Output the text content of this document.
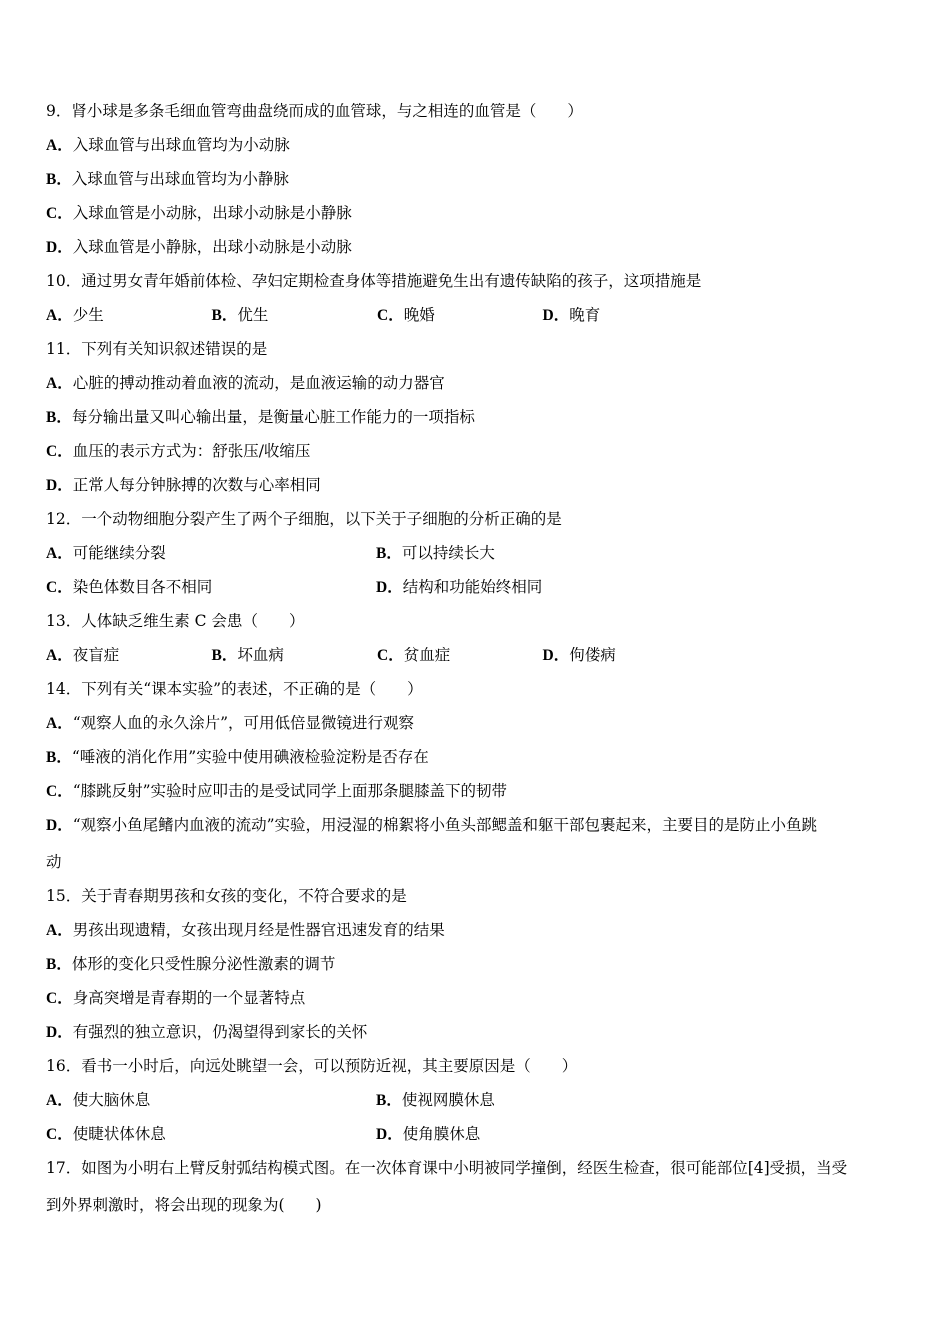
9．肾小球是多条毛细血管弯曲盘绕而成的血管球，与之相连的血管是（　　）
A．入球血管与出球血管均为小动脉
B．入球血管与出球血管均为小静脉
C．入球血管是小动脉，出球小动脉是小静脉
D．入球血管是小静脉，出球小动脉是小动脉
10．通过男女青年婚前体检、孕妇定期检查身体等措施避免生出有遗传缺陷的孩子，这项措施是
A．少生	B．优生	C．晚婚	D．晚育
11．下列有关知识叙述错误的是
A．心脏的搏动推动着血液的流动，是血液运输的动力器官
B．每分输出量又叫心输出量，是衡量心脏工作能力的一项指标
C．血压的表示方式为：舒张压/收缩压
D．正常人每分钟脉搏的次数与心率相同
12．一个动物细胞分裂产生了两个子细胞，以下关于子细胞的分析正确的是
A．可能继续分裂	B．可以持续长大
C．染色体数目各不相同	D．结构和功能始终相同
13．人体缺乏维生素 C 会患（　　）
A．夜盲症	B．坏血病	C．贫血症	D．佝偻病
14．下列有关“课本实验”的表述，不正确的是（　　）
A．“观察人血的永久涂片”，可用低倍显微镜进行观察
B．“唾液的消化作用”实验中使用碘液检验淀粉是否存在
C．“膝跳反射”实验时应叩击的是受试同学上面那条腿膝盖下的韧带
D．“观察小鱼尾鳍内血液的流动”实验，用浸湿的棉絮将小鱼头部鳃盖和躯干部包裹起来，主要目的是防止小鱼跳
动
15．关于青春期男孩和女孩的变化，不符合要求的是
A．男孩出现遗精，女孩出现月经是性器官迅速发育的结果
B．体形的变化只受性腺分泌性激素的调节
C．身高突增是青春期的一个显著特点
D．有强烈的独立意识，仍渴望得到家长的关怀
16．看书一小时后，向远处眺望一会，可以预防近视，其主要原因是（　　）
A．使大脑休息	B．使视网膜休息
C．使睫状体休息	D．使角膜休息
17．如图为小明右上臂反射弧结构模式图。在一次体育课中小明被同学撞倒，经医生检查，很可能部位[4]受损，当受
到外界刺激时，将会出现的现象为(　　)
